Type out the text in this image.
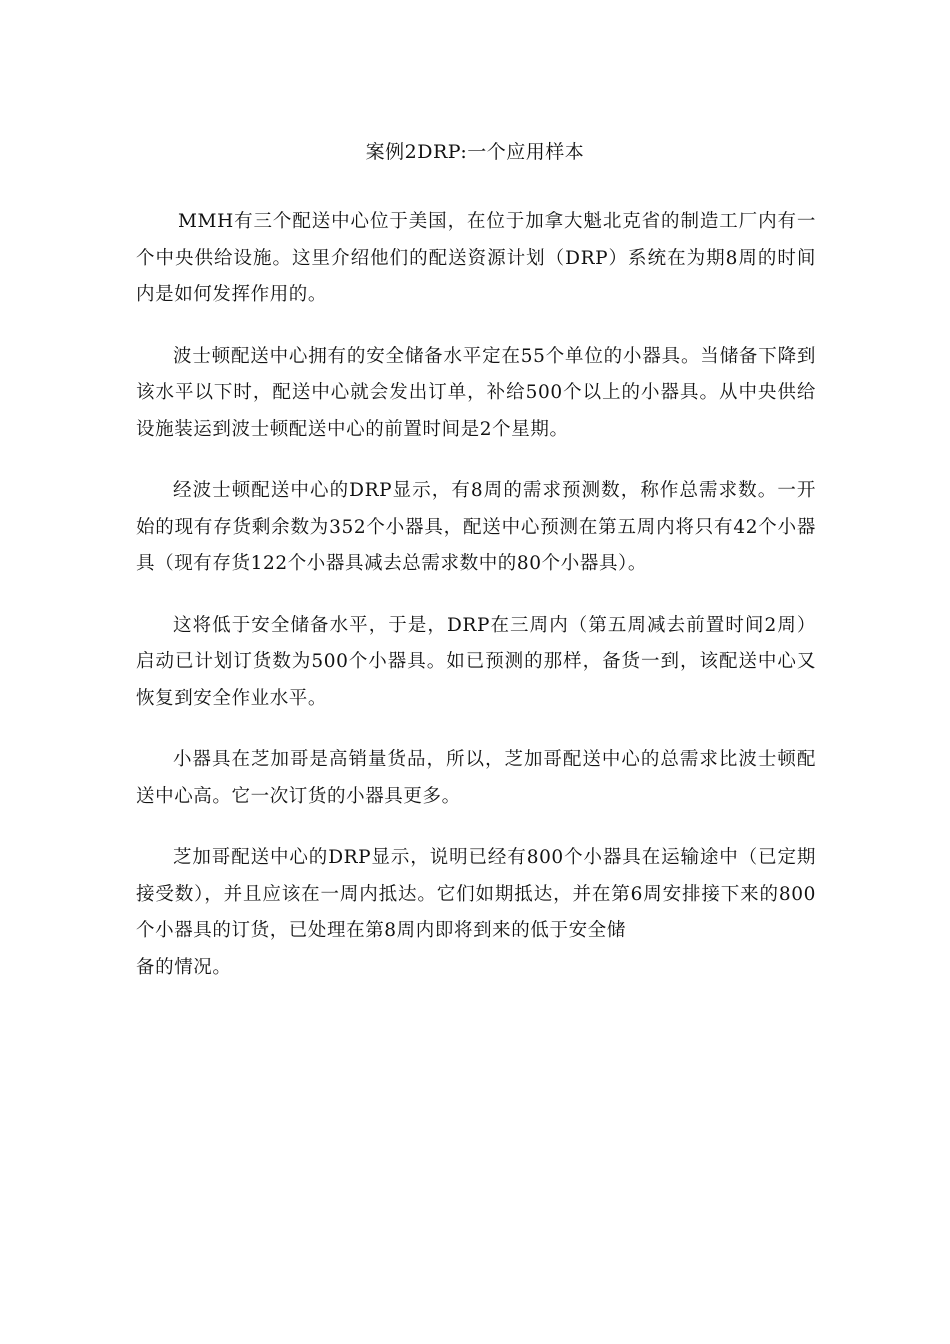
案例2DRP:一个应用样本

MMH有三个配送中心位于美国，在位于加拿大魁北克省的制造工厂内有一个中央供给设施。这里介绍他们的配送资源计划（DRP）系统在为期8周的时间内是如何发挥作用的。

波士顿配送中心拥有的安全储备水平定在55个单位的小器具。当储备下降到该水平以下时，配送中心就会发出订单，补给500个以上的小器具。从中央供给设施装运到波士顿配送中心的前置时间是2个星期。

经波士顿配送中心的DRP显示，有8周的需求预测数，称作总需求数。一开始的现有存货剩余数为352个小器具，配送中心预测在第五周内将只有42个小器具（现有存货122个小器具减去总需求数中的80个小器具）。

这将低于安全储备水平，于是，DRP在三周内（第五周减去前置时间2周）启动已计划订货数为500个小器具。如已预测的那样，备货一到，该配送中心又恢复到安全作业水平。

小器具在芝加哥是高销量货品，所以，芝加哥配送中心的总需求比波士顿配送中心高。它一次订货的小器具更多。

芝加哥配送中心的DRP显示，说明已经有800个小器具在运输途中（已定期接受数），并且应该在一周内抵达。它们如期抵达，并在第6周安排接下来的800个小器具的订货，已处理在第8周内即将到来的低于安全储

备的情况。
